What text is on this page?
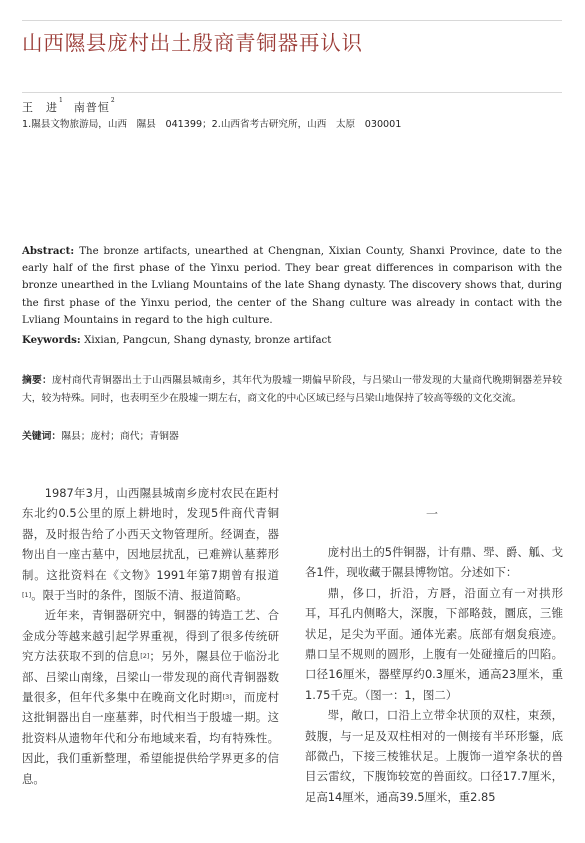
山西隰县庞村出土殷商青铜器再认识
王　进$^1$南普恒$^2$
1.隰县文物旅游局，山西　隰县　041399；2.山西省考古研究所，山西　太原　030001
Abstract: The bronze artifacts, unearthed at Chengnan, Xixian County, Shanxi Province, date to the early half of the first phase of the Yinxu period. They bear great differences in comparison with the bronze unearthed in the Lvliang Mountains of the late Shang dynasty. The discovery shows that, during the first phase of the Yinxu period, the center of the Shang culture was already in contact with the Lvliang Mountains in regard to the high culture.
Keywords: Xixian, Pangcun, Shang dynasty, bronze artifact
摘要：庞村商代青铜器出土于山西隰县城南乡，其年代为殷墟一期偏早阶段，与吕梁山一带发现的大量商代晚期铜器差异较大，较为特殊。同时，也表明至少在殷墟一期左右，商文化的中心区域已经与吕梁山地保持了较高等级的文化交流。
关键词：隰县；庞村；商代；青铜器

1987年3月，山西隰县城南乡庞村农民在距村东北约0.5公里的原上耕地时，发现5件商代青铜器，及时报告给了小西天文物管理所。经调查，器物出自一座古墓中，因地层扰乱，已难辨认墓葬形制。这批资料在《文物》1991年第7期曾有报道[1]。限于当时的条件，图版不清、报道简略。

近年来，青铜器研究中，铜器的铸造工艺、合金成分等越来越引起学界重视，得到了很多传统研究方法获取不到的信息[2]；另外，隰县位于临汾北部、吕梁山南缘，吕梁山一带发现的商代青铜器数量很多，但年代多集中在晚商文化时期[3]，而庞村这批铜器出自一座墓葬，时代相当于殷墟一期。这批资料从遗物年代和分布地域来看，均有特殊性。因此，我们重新整理，希望能提供给学界更多的信息。

一

庞村出土的5件铜器，计有鼎、斝、爵、觚、戈各1件，现收藏于隰县博物馆。分述如下：

鼎，侈口，折沿，方唇，沿面立有一对拱形耳，耳孔内侧略大，深腹，下部略鼓，圜底，三锥状足，足尖为平面。通体光素。底部有烟炱痕迹。鼎口呈不规则的圆形，上腹有一处碰撞后的凹陷。口径16厘米，器壁厚约0.3厘米，通高23厘米，重1.75千克。（图一：1，图二）

斝，敞口，口沿上立带伞状顶的双柱，束颈，鼓腹，与一足及双柱相对的一侧接有半环形鋬，底部微凸，下接三棱锥状足。上腹饰一道窄条状的兽目云雷纹，下腹饰较宽的兽面纹。口径17.7厘米，足高14厘米，通高39.5厘米，重2.85
